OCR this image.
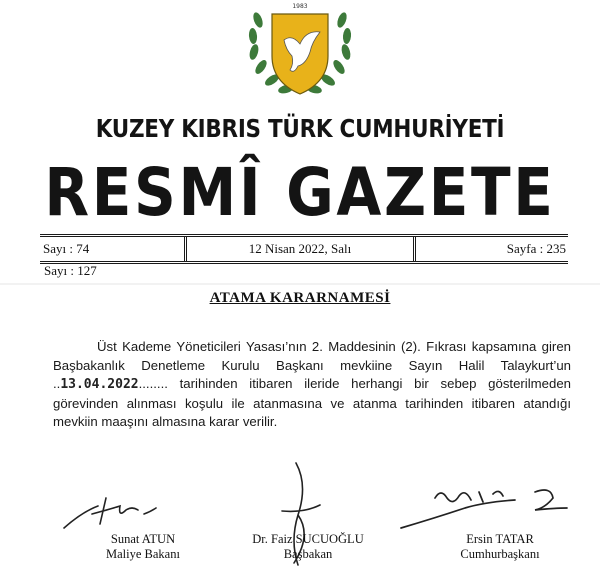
1983
KUZEY KIBRIS TÜRK CUMHURİYETİ
RESMÎ GAZETE
Sayı : 74	12 Nisan 2022, Salı	Sayfa : 235
Sayı : 127
ATAMA KARARNAMESİ
Üst Kademe Yöneticileri Yasası’nın 2. Maddesinin (2). Fıkrası kapsamına giren Başbakanlık Denetleme Kurulu Başkanı mevkiine Sayın Halil Talaykurt’un ..13.04.2022........ tarihinden itibaren ileride herhangi bir sebep gösterilmeden görevinden alınması koşulu ile atanmasına ve atanma tarihinden itibaren atandığı mevkiin maaşını almasına karar verilir.
Sunat ATUN
Maliye Bakanı
Dr. Faiz SUCUOĞLU
Başbakan
Ersin TATAR
Cumhurbaşkanı
